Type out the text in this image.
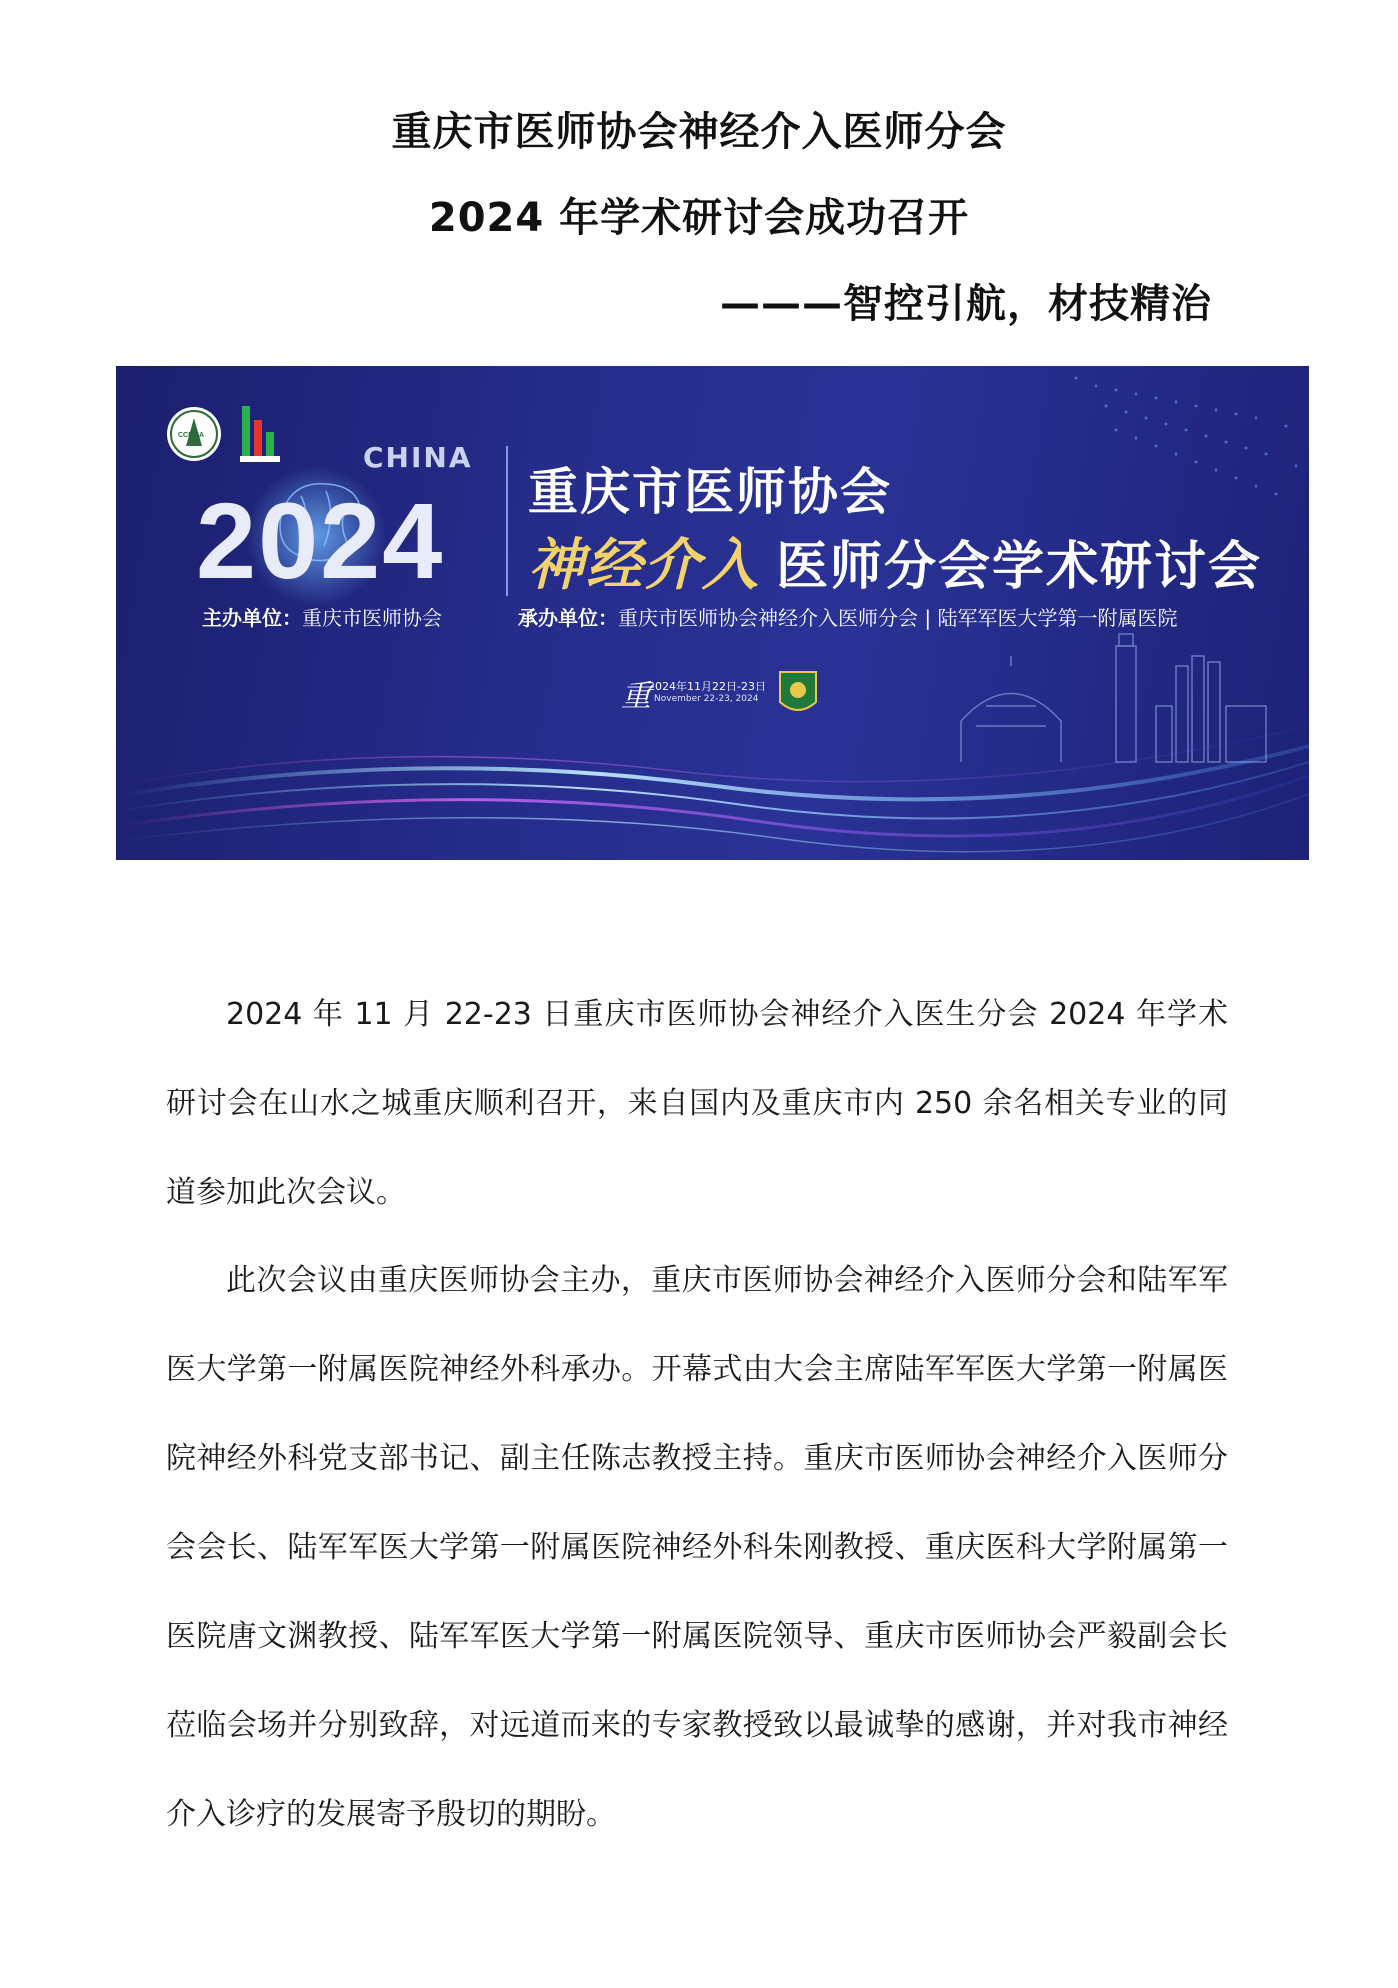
重庆市医师协会神经介入医师分会
2024 年学术研讨会成功召开
———智控引航，材技精治
CCMDA
重
CHINA
2024 重庆市医师协会
神经介入 医师分会学术研讨会
主办单位：重庆市医师协会	承办单位：重庆市医师协会神经介入医师分会 | 陆军军医大学第一附属医院
2024年11月22日-23日
November 22-23, 2024

2024 年 11 月 22-23 日重庆市医师协会神经介入医生分会 2024 年学术研讨会在山水之城重庆顺利召开，来自国内及重庆市内 250 余名相关专业的同道参加此次会议。

此次会议由重庆医师协会主办，重庆市医师协会神经介入医师分会和陆军军医大学第一附属医院神经外科承办。开幕式由大会主席陆军军医大学第一附属医院神经外科党支部书记、副主任陈志教授主持。重庆市医师协会神经介入医师分会会长、陆军军医大学第一附属医院神经外科朱刚教授、重庆医科大学附属第一医院唐文渊教授、陆军军医大学第一附属医院领导、重庆市医师协会严毅副会长莅临会场并分别致辞，对远道而来的专家教授致以最诚挚的感谢，并对我市神经介入诊疗的发展寄予殷切的期盼。
